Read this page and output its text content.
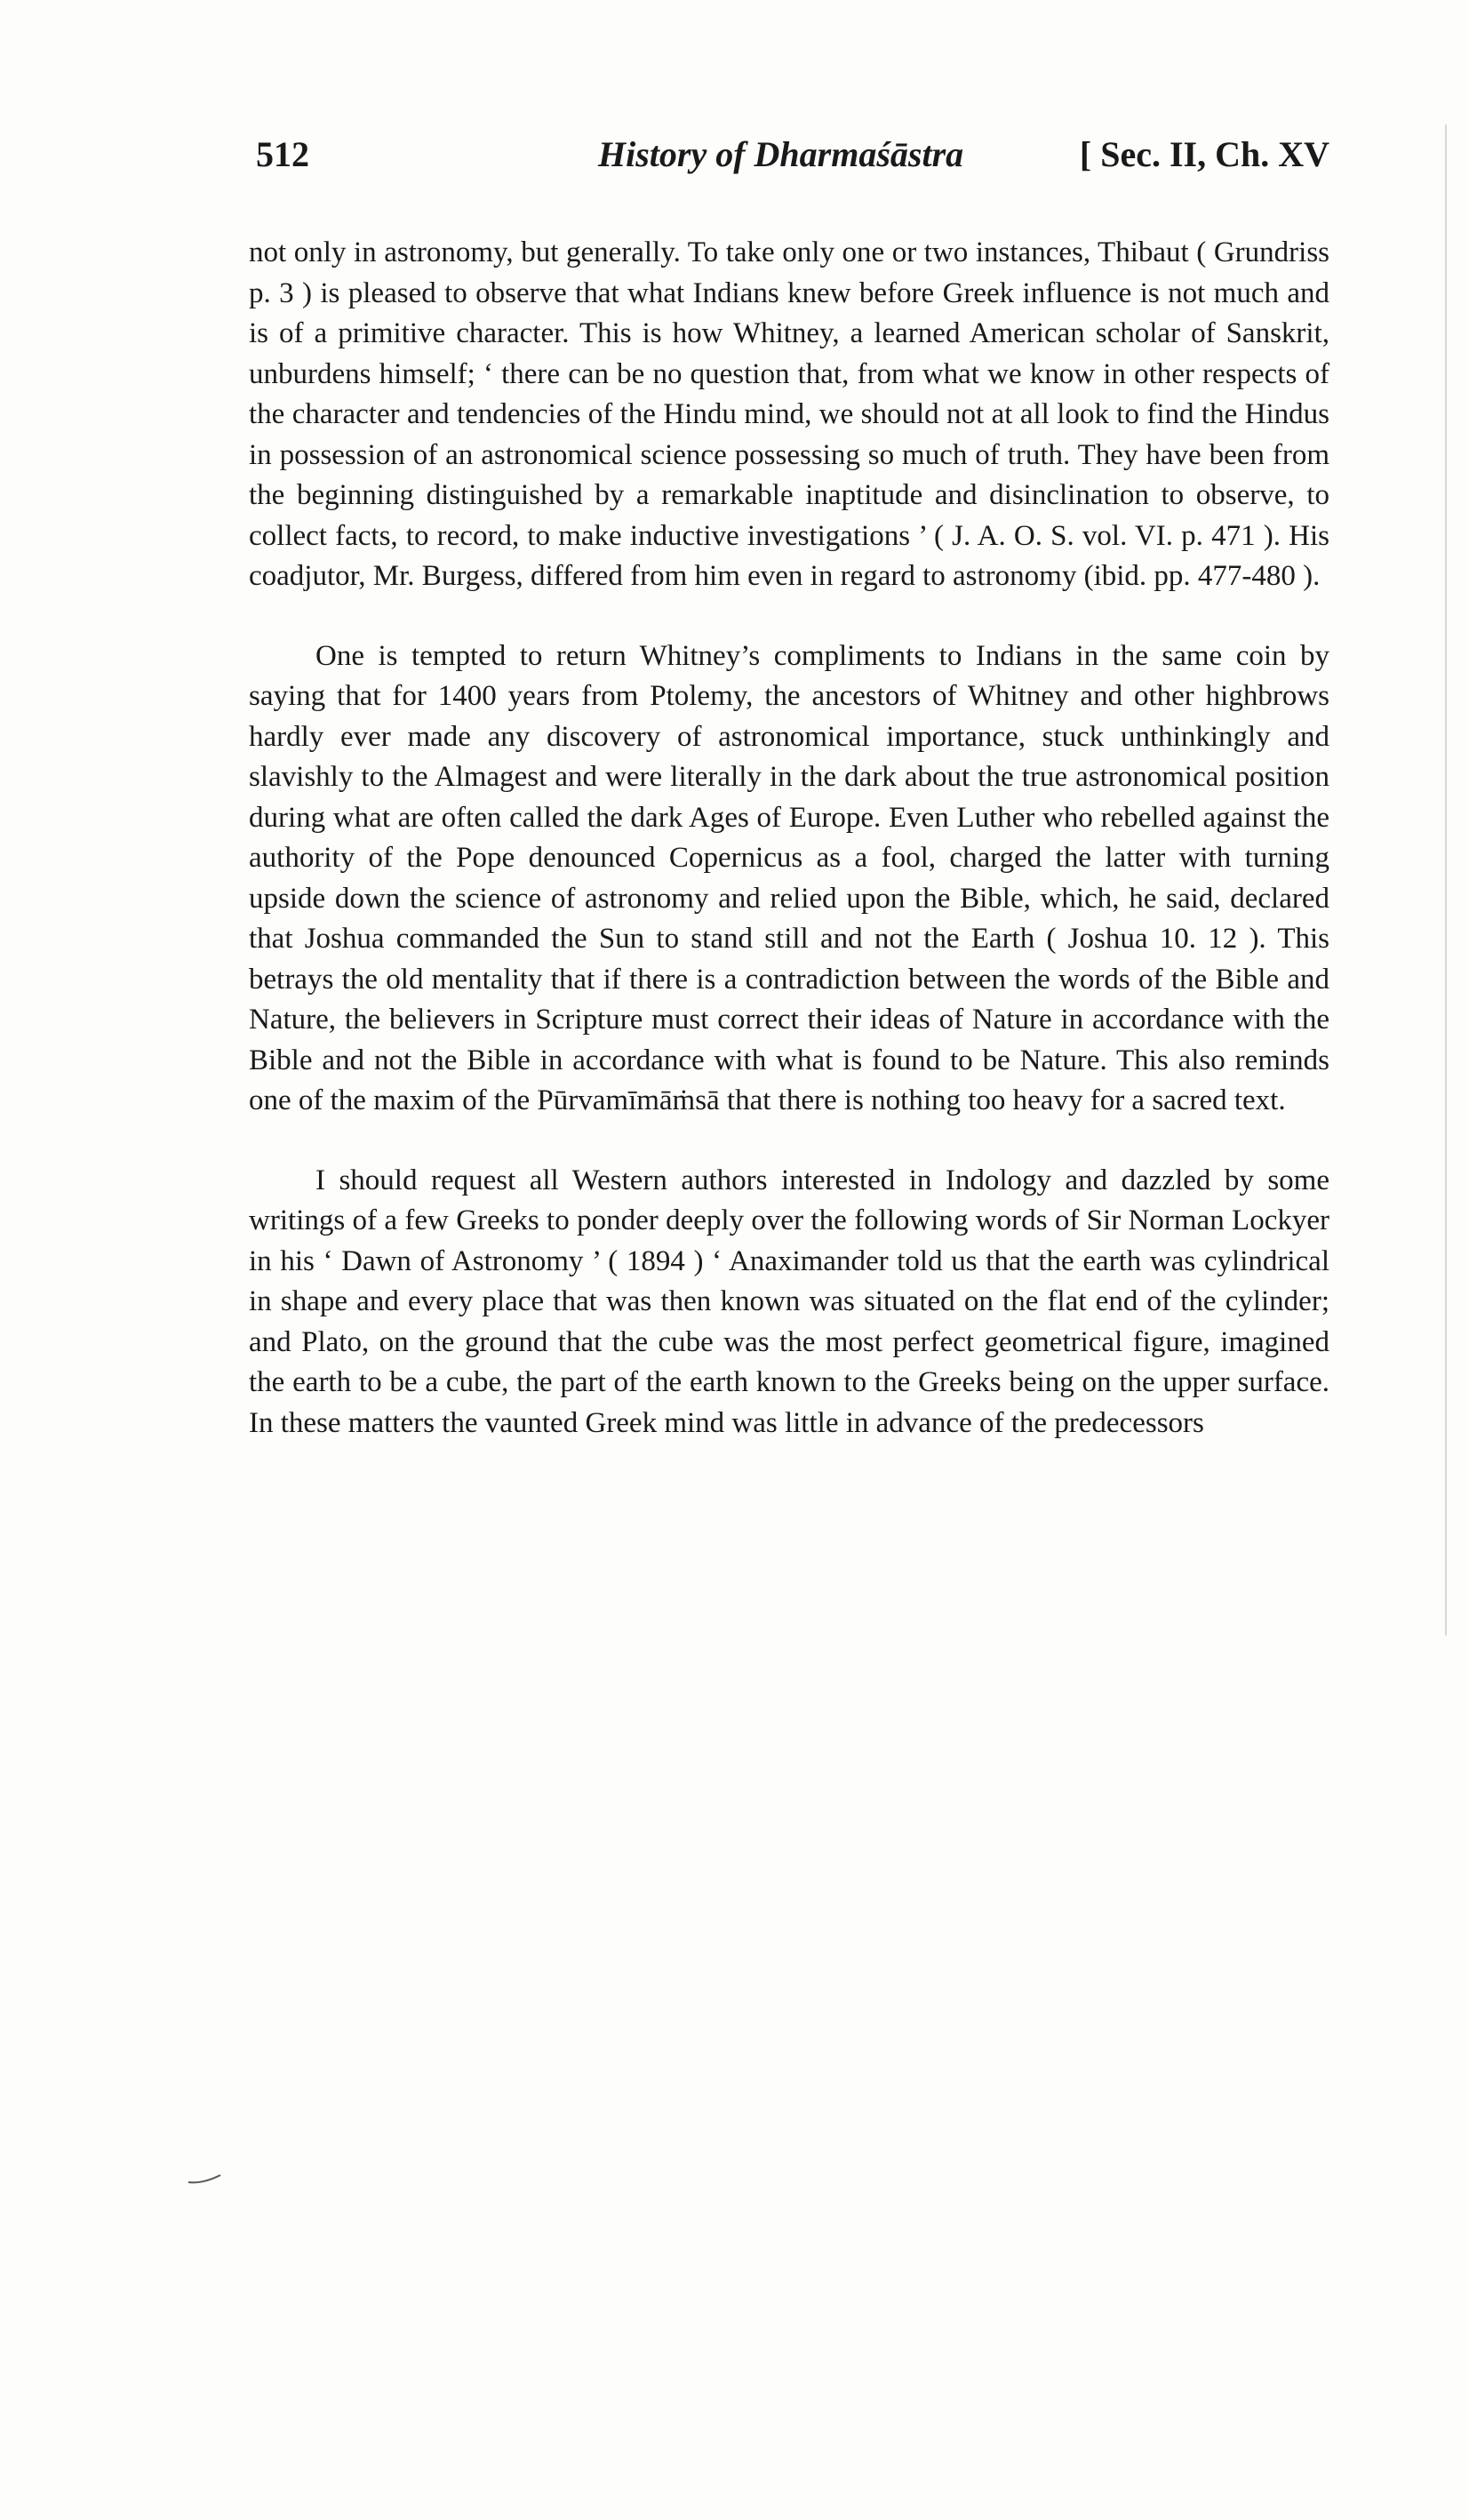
512	History of Dharmaśāstra	[ Sec. II, Ch. XV

not only in astronomy, but generally. To take only one or two instances, Thibaut ( Grundriss p. 3 ) is pleased to observe that what Indians knew before Greek influence is not much and is of a primitive character. This is how Whitney, a learned American scholar of Sanskrit, unburdens himself; ‘ there can be no question that, from what we know in other respects of the character and tendencies of the Hindu mind, we should not at all look to find the Hindus in possession of an astronomical science possessing so much of truth. They have been from the beginning distinguished by a remarkable inaptitude and disinclination to observe, to collect facts, to record, to make inductive investigations ’ ( J. A. O. S. vol. VI. p. 471 ). His coadjutor, Mr. Burgess, differed from him even in regard to astronomy (ibid. pp. 477-480 ).

One is tempted to return Whitney’s compliments to Indians in the same coin by saying that for 1400 years from Ptolemy, the ancestors of Whitney and other highbrows hardly ever made any discovery of astronomical importance, stuck unthinkingly and slavishly to the Almagest and were literally in the dark about the true astronomical position during what are often called the dark Ages of Europe. Even Luther who rebelled against the authority of the Pope denounced Copernicus as a fool, charged the latter with turning upside down the science of astronomy and relied upon the Bible, which, he said, declared that Joshua commanded the Sun to stand still and not the Earth ( Joshua 10. 12 ). This betrays the old mentality that if there is a contradiction between the words of the Bible and Nature, the believers in Scripture must correct their ideas of Nature in accordance with the Bible and not the Bible in accordance with what is found to be Nature. This also reminds one of the maxim of the Pūrvamīmāṁsā that there is nothing too heavy for a sacred text.

I should request all Western authors interested in Indology and dazzled by some writings of a few Greeks to ponder deeply over the following words of Sir Norman Lockyer in his ‘ Dawn of Astronomy ’ ( 1894 ) ‘ Anaximander told us that the earth was cylindrical in shape and every place that was then known was situated on the flat end of the cylinder; and Plato, on the ground that the cube was the most perfect geometrical figure, imagined the earth to be a cube, the part of the earth known to the Greeks being on the upper surface. In these matters the vaunted Greek mind was little in advance of the predecessors
